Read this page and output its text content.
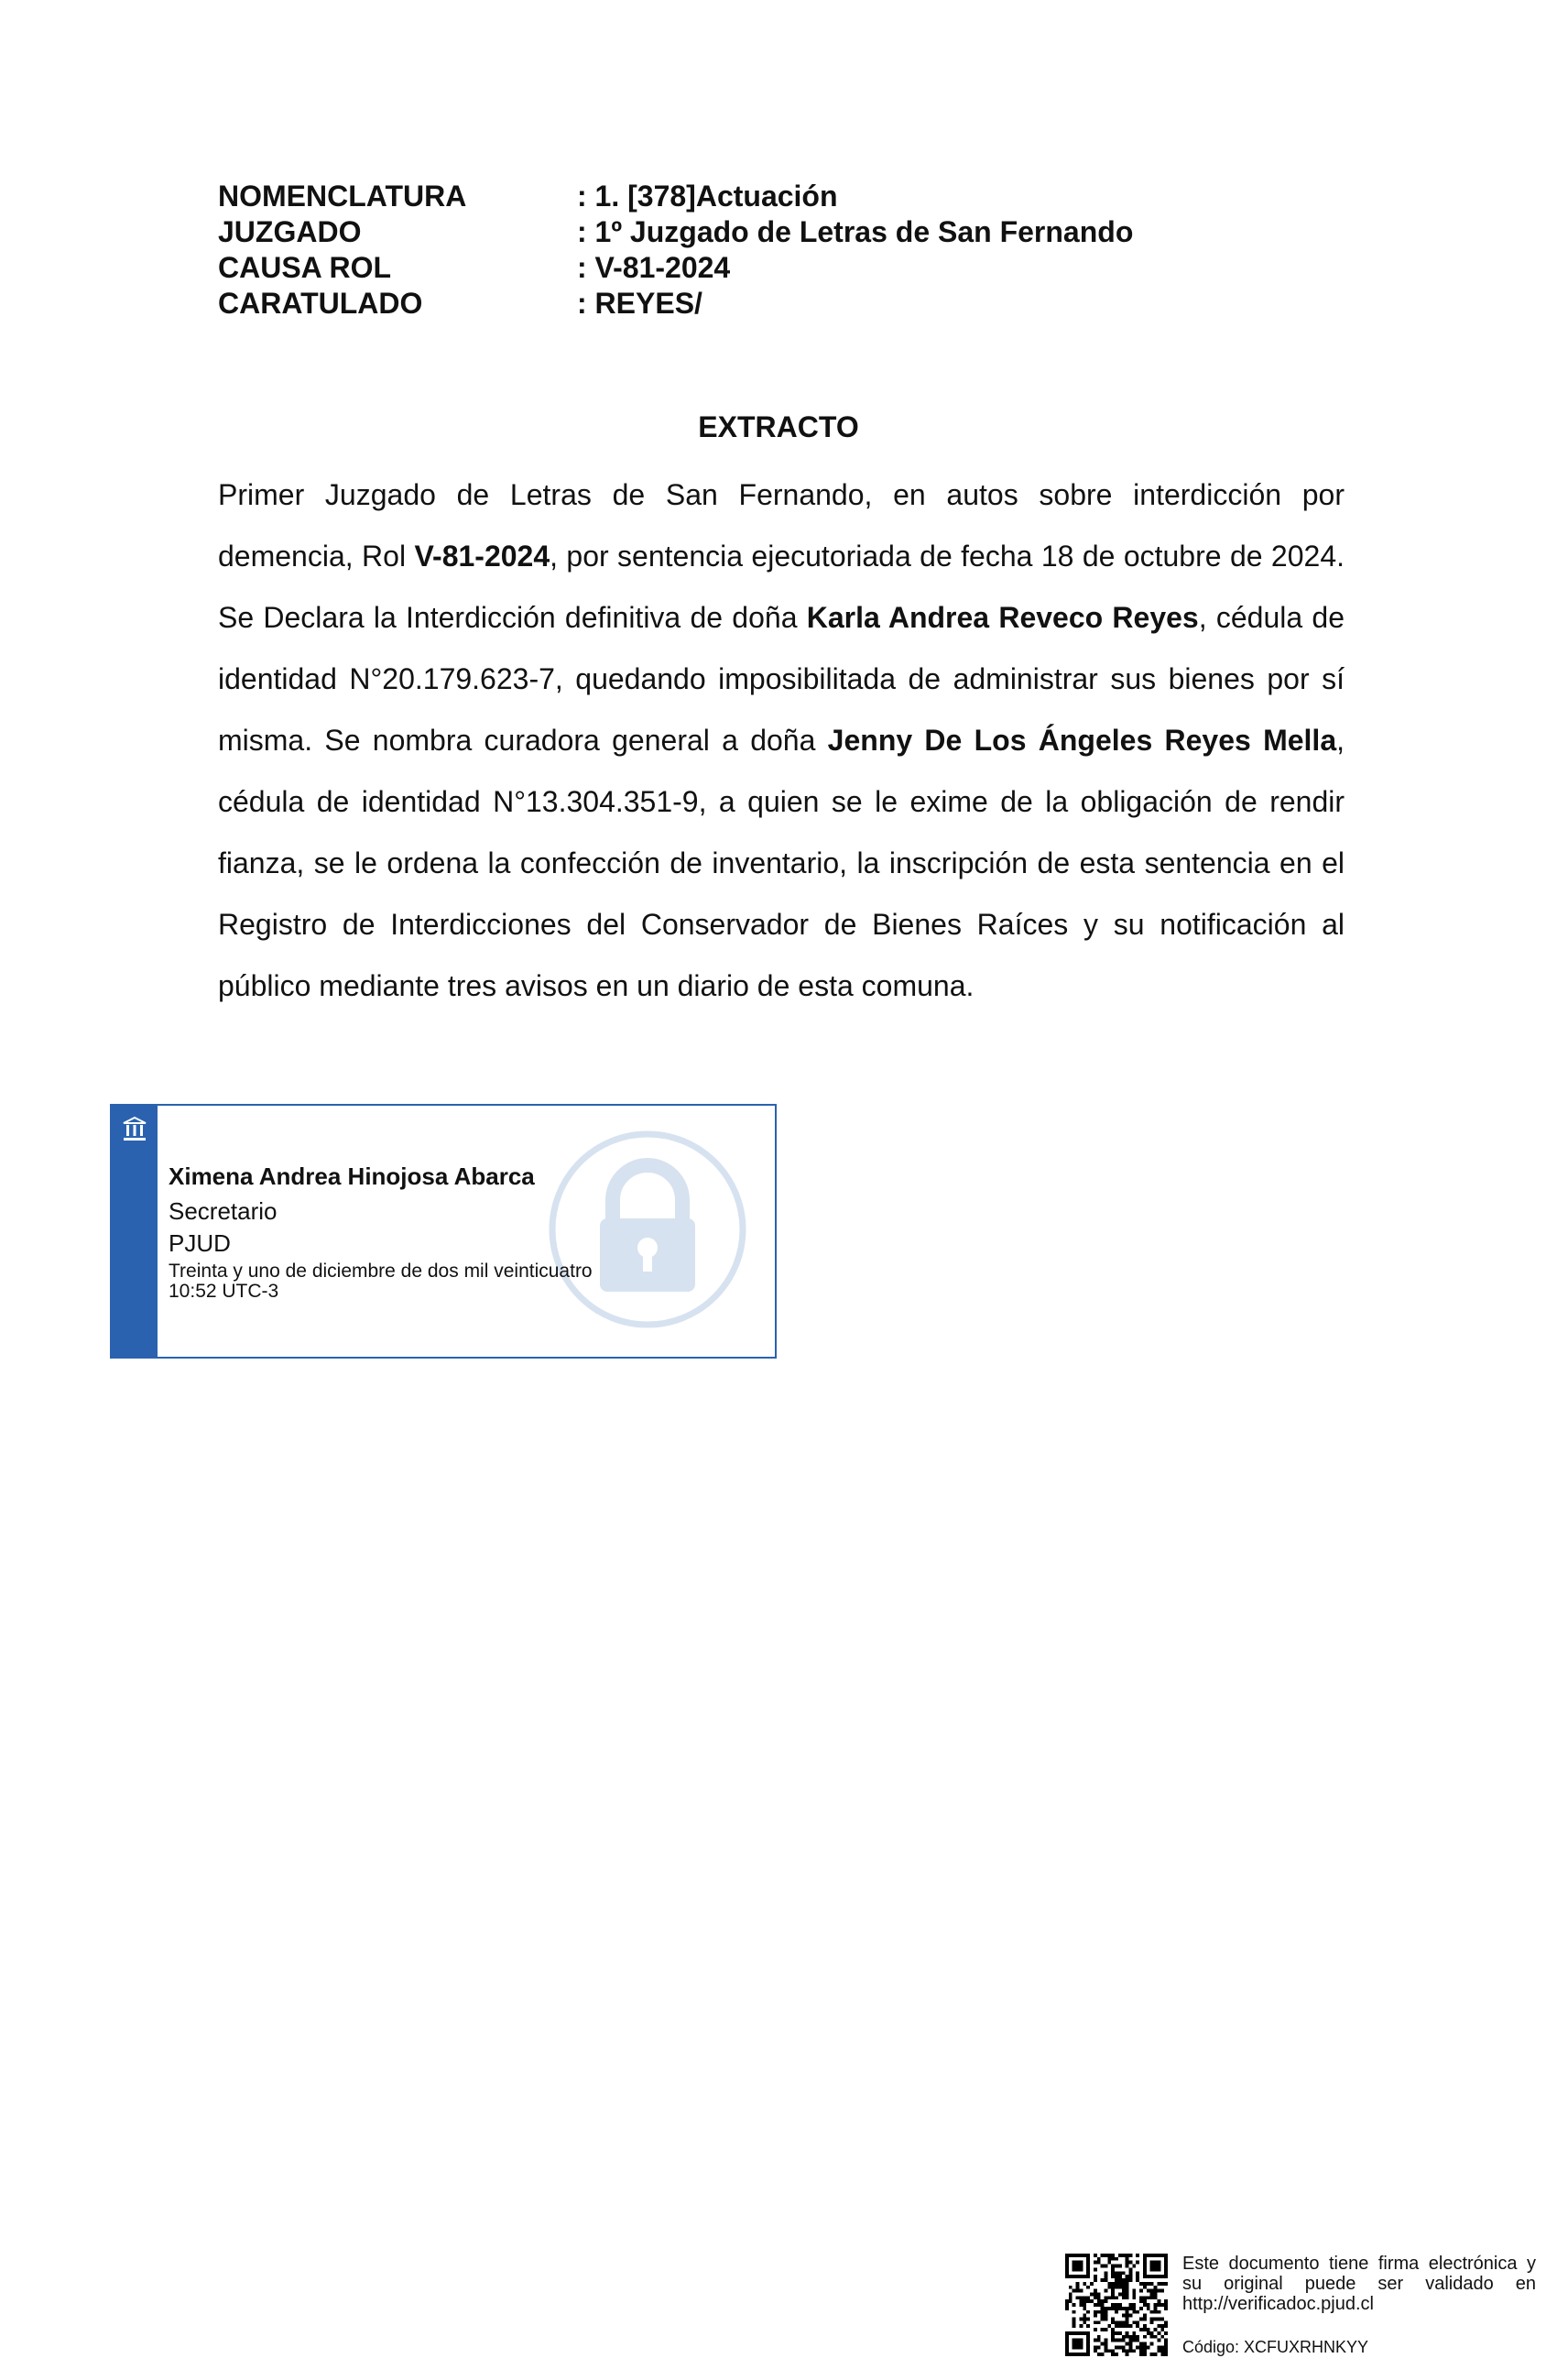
NOMENCLATURA	: 1. [378]Actuación
JUZGADO	: 1º Juzgado de Letras de San Fernando
CAUSA ROL	: V-81-2024
CARATULADO	: REYES/
EXTRACTO
Primer Juzgado de Letras de San Fernando, en autos sobre interdicción por demencia, Rol V-81-2024, por sentencia ejecutoriada de fecha 18 de octubre de 2024. Se Declara la Interdicción definitiva de doña Karla Andrea Reveco Reyes, cédula de identidad N°20.179.623-7, quedando imposibilitada de administrar sus bienes por sí misma. Se nombra curadora general a doña Jenny De Los Ángeles Reyes Mella, cédula de identidad N°13.304.351-9, a quien se le exime de la obligación de rendir fianza, se le ordena la confección de inventario, la inscripción de esta sentencia en el Registro de Interdicciones del Conservador de Bienes Raíces y su notificación al público mediante tres avisos en un diario de esta comuna.
Ximena Andrea Hinojosa Abarca
Secretario
PJUD
Treinta y uno de diciembre de dos mil veinticuatro
10:52 UTC-3
Este documento tiene firma electrónica y su original puede ser validado en http://verificadoc.pjud.cl
Código: XCFUXRHNKYY
